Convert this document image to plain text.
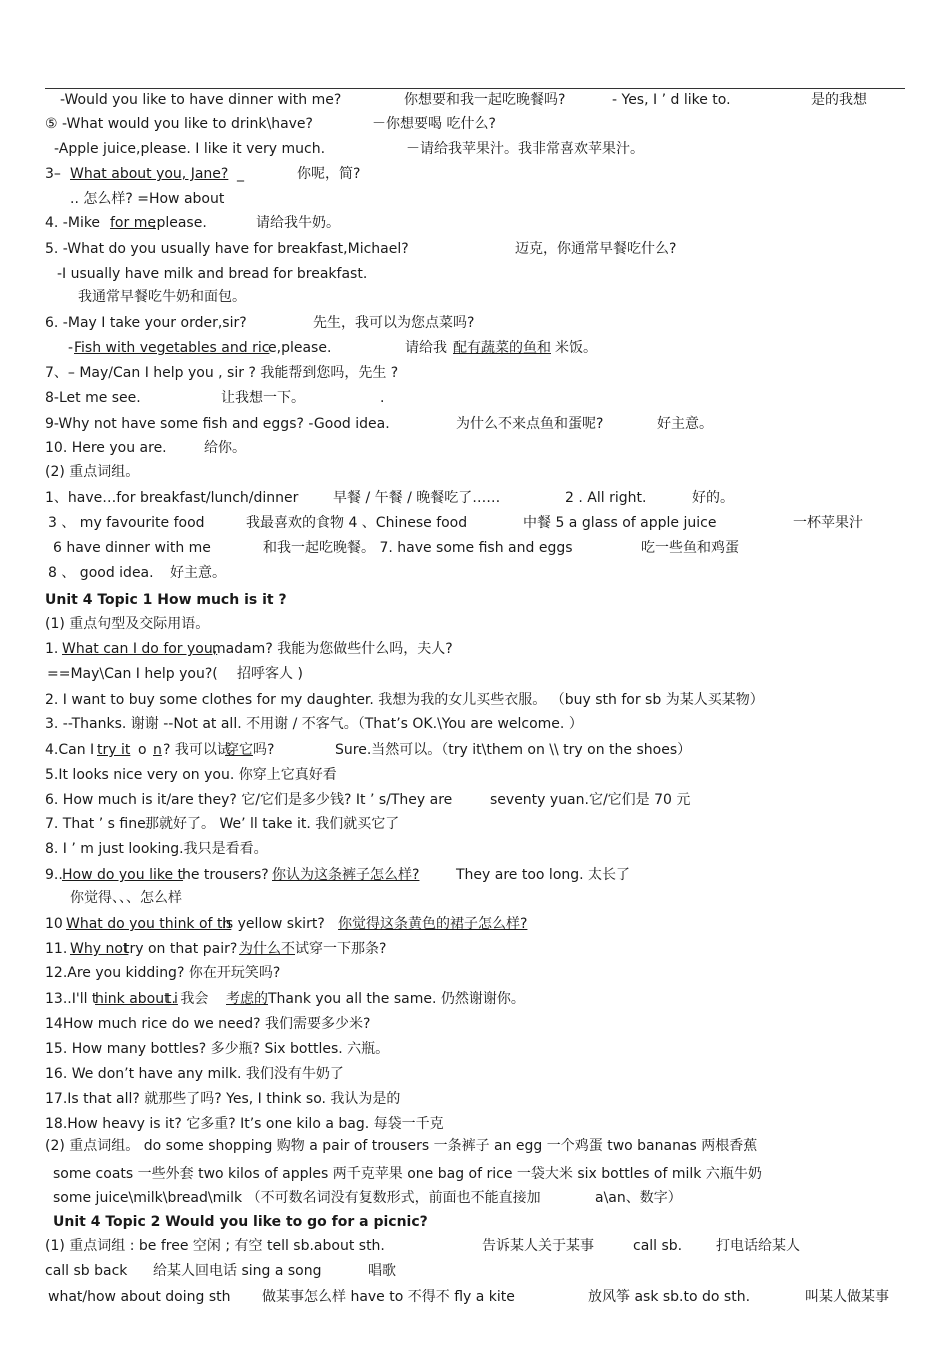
-Would you like to have dinner with me?	你想要和我一起吃晚餐吗?	- Yes, I ’ d like to.	是的我想
⑤ -What would you like to drink\have?	－你想要喝 吃什么?
-Apple juice,please. I like it very much.	－请给我苹果汁。我非常喜欢苹果汁。
3– What about you, Jane? _	你呢，简?
.. 怎么样? =How about
4. -Mike for me
,please.	请给我牛奶。
5. -What do you usually have for breakfast,Michael?	迈克，你通常早餐吃什么?
-I usually have milk and bread for breakfast.
我通常早餐吃牛奶和面包。
6. -May I take your order,sir?	先生，我可以为您点菜吗?
- Fish with vegetables and ric
e,please.	请给我 配有蔬菜的鱼和 米饭。
7、– May/Can I help you , sir ? 我能帮到您吗，先生 ?
8-Let me see.	让我想一下。	.
9-Why not have some fish and eggs? -Good idea.	为什么不来点鱼和蛋呢?	好主意。
10. Here you are.	给你。
(2) 重点词组。
1、have…for breakfast/lunch/dinner 早餐 / 午餐 / 晚餐吃了……	2 . All right.	好的。
3 、 my favourite food	我最喜欢的食物 4 、Chinese food	中餐 5 a glass of apple juice	一杯苹果汁
6 have dinner with me	和我一起吃晚餐。 7. have some fish and eggs	吃一些鱼和鸡蛋
8 、 good idea. 好主意。
Unit 4 Topic 1 How much is it ?
(1) 重点句型及交际用语。
1. What can I do for you,
madam? 我能为您做些什么吗，夫人?
==May\Can I help you?( 招呼客人 )
2. I want to buy some clothes for my daughter. 我想为我的女儿买些衣服。 （buy sth for sb 为某人买某物）
3. --Thanks. 谢谢 --Not at all. 不用谢 / 不客气。（That’s OK.\You are welcome. ）
4.Can I try it o n ? 我可以试
穿它 吗?	Sure.当然可以。（try it\them on \\ try on the shoes）
5.It looks nice very on you. 你穿上它真好看
6. How much is it/are they? 它/它们是多少钱? It ’ s/They are	seventy yuan.它/它们是 70 元
7. That ’ s fine.
那就好了。 We’ ll take it. 我们就买它了
8. I ’ m just looking.我只是看看。
9.. How do you like t
he trousers? 你认为这条裤子怎么样?	They are too long. 太长了
你觉得、、、怎么样
10 What do you think of th
is yellow skirt? 你觉得这条黄色的裙子怎么样?
11. Why not
try on that pair? 为什么不 试穿一下那条?
12.Are you kidding? 你在开玩笑吗?
13..I'll t
hink about i
t. 我会 考虑的 Thank you all the same. 仍然谢谢你。
14How much rice do we need? 我们需要多少米?
15. How many bottles? 多少瓶? Six bottles. 六瓶。
16. We don’t have any milk. 我们没有牛奶了
17.Is that all? 就那些了吗? Yes, I think so. 我认为是的
18.How heavy is it? 它多重? It’s one kilo a bag. 每袋一千克
(2) 重点词组。 do some shopping 购物 a pair of trousers 一条裤子 an egg 一个鸡蛋 two bananas 两根香蕉
some coats 一些外套 two kilos of apples 两千克苹果 one bag of rice 一袋大米 six bottles of milk 六瓶牛奶
some juice\milk\bread\milk （不可数名词没有复数形式，前面也不能直接加	a\an、数字）
Unit 4 Topic 2 Would you like to go for a picnic?
(1) 重点词组 : be free 空闲 ; 有空 tell sb.about sth.	告诉某人关于某事	call sb. 打电话给某人
call sb back 给某人回电话 sing a song	唱歌
what/how about doing sth 做某事怎么样 have to 不得不 fly a kite	放风筝 ask sb.to do sth.	叫某人做某事
